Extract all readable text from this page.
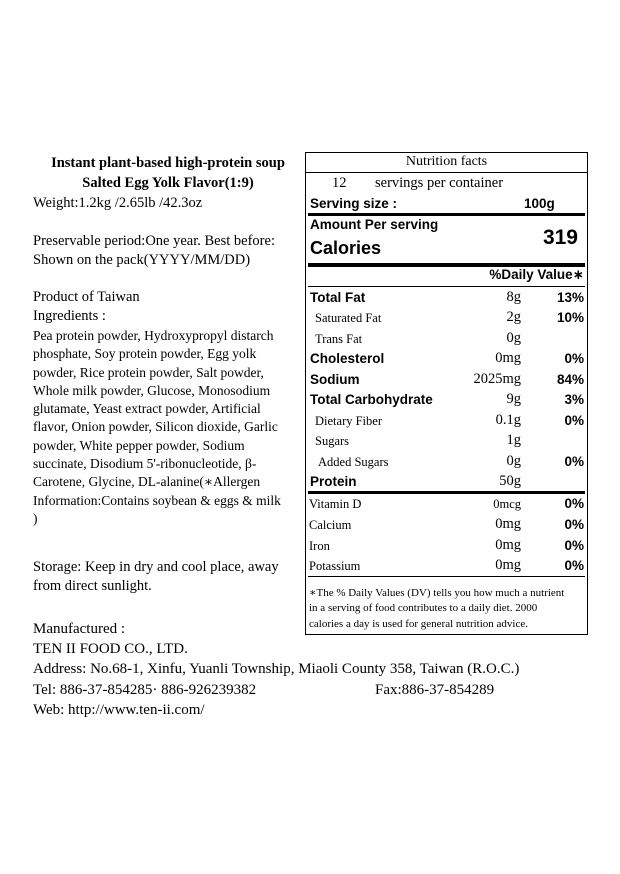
Instant plant-based high-protein soup
Salted Egg Yolk Flavor(1:9)
Weight:1.2kg /2.65lb /42.3oz
Preservable period:One year. Best before:
Shown on the pack(YYYY/MM/DD)
Product of Taiwan
Ingredients :
Pea protein powder, Hydroxypropyl distarch
phosphate, Soy protein powder, Egg yolk
powder, Rice protein powder, Salt powder,
Whole milk powder, Glucose, Monosodium
glutamate, Yeast extract powder, Artificial
flavor, Onion powder, Silicon dioxide, Garlic
powder, White pepper powder, Sodium
succinate, Disodium 5'-ribonucleotide, β-
Carotene, Glycine, DL-alanine(∗Allergen
Information:Contains soybean & eggs & milk
)
Storage: Keep in dry and cool place, away
from direct sunlight.
Nutrition facts
12 servings per container
Serving size :	100g
Amount Per serving
Calories	319
%Daily Value∗
Total Fat	8g	13%
Saturated Fat	2g	10%
Trans Fat	0g
Cholesterol	0mg	0%
Sodium	2025mg	84%
Total Carbohydrate	9g	3%
Dietary Fiber	0.1g	0%
Sugars	1g
Added Sugars	0g	0%
Protein	50g
Vitamin D	0mcg	0%
Calcium	0mg	0%
Iron	0mg	0%
Potassium	0mg	0%
∗The % Daily Values (DV) tells you how much a nutrient
in a serving of food contributes to a daily diet. 2000
calories a day is used for general nutrition advice.
Manufactured :
TEN II FOOD CO., LTD.
Address: No.68-1, Xinfu, Yuanli Township, Miaoli County 358, Taiwan (R.O.C.)
Tel: 886-37-854285· 886-926239382	Fax:886-37-854289
Web: http://www.ten-ii.com/
